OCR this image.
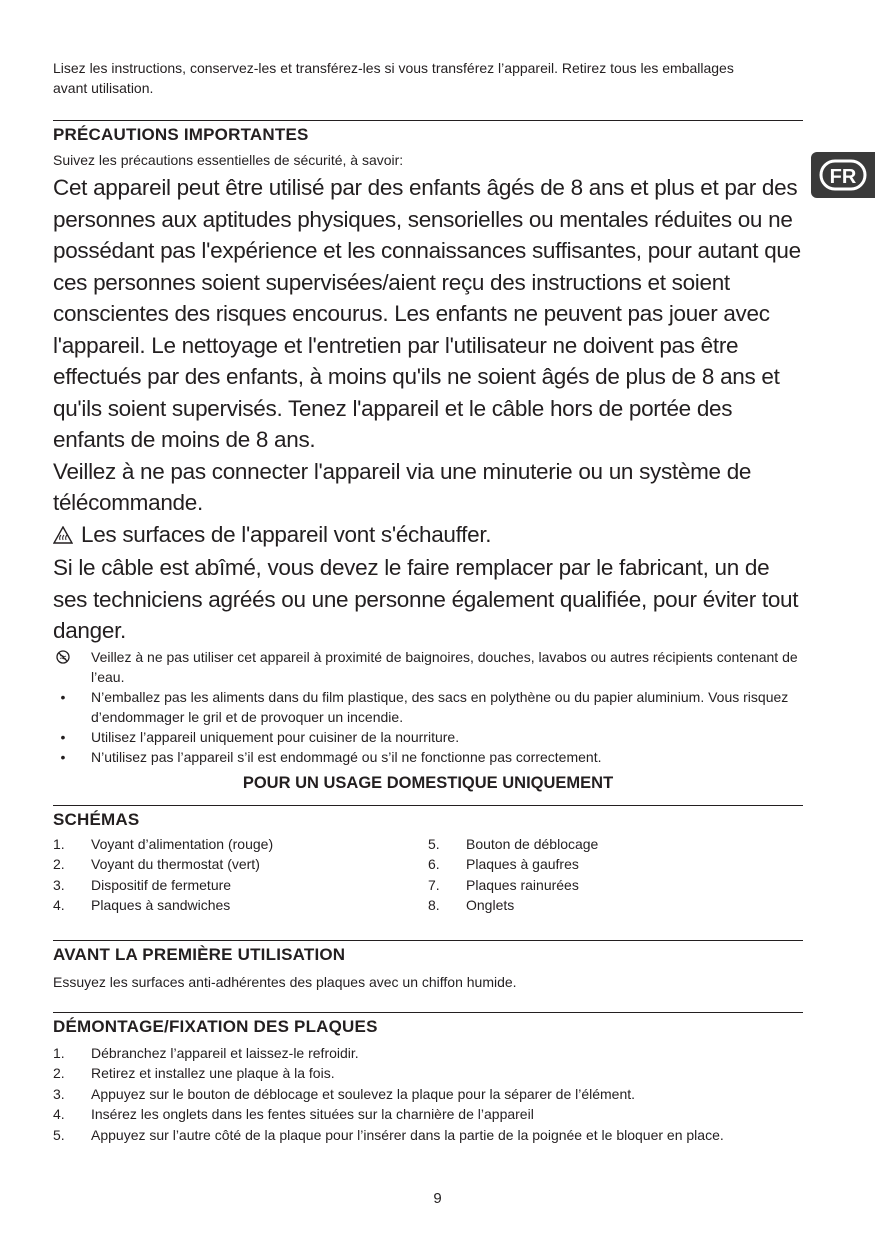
FR

Lisez les instructions, conservez-les et transférez-les si vous transférez l’appareil. Retirez tous les emballages avant utilisation.

PRÉCAUTIONS IMPORTANTES

Suivez les précautions essentielles de sécurité, à savoir:

Cet appareil peut être utilisé par des enfants âgés de 8 ans et plus et par des personnes aux aptitudes physiques, sensorielles ou mentales réduites ou ne possédant pas l'expérience et les connaissances suffisantes, pour autant que ces personnes soient supervisées/aient reçu des instructions et soient conscientes des risques encourus. Les enfants ne peuvent pas jouer avec l'appareil. Le nettoyage et l'entretien par l'utilisateur ne doivent pas être effectués par des enfants, à moins qu'ils ne soient âgés de plus de 8 ans et qu'ils soient supervisés. Tenez l'appareil et le câble hors de portée des enfants de moins de 8 ans.

Veillez à ne pas connecter l'appareil via une minuterie ou un système de télécommande.

Les surfaces de l'appareil vont s'échauffer.

Si le câble est abîmé, vous devez le faire remplacer par le fabricant, un de ses techniciens agréés ou une personne également qualifiée, pour éviter tout danger.

Veillez à ne pas utiliser cet appareil à proximité de baignoires, douches, lavabos ou autres récipients contenant de l’eau.
•	N’emballez pas les aliments dans du film plastique, des sacs en polythène ou du papier aluminium. Vous risquez d’endommager le gril et de provoquer un incendie.
•	Utilisez l’appareil uniquement pour cuisiner de la nourriture.
•	N’utilisez pas l’appareil s’il est endommagé ou s’il ne fonctionne pas correctement.

POUR UN USAGE DOMESTIQUE UNIQUEMENT

SCHÉMAS
1. Voyant d’alimentation (rouge)
2. Voyant du thermostat (vert)
3. Dispositif de fermeture
4. Plaques à sandwiches
5. Bouton de déblocage
6. Plaques à gaufres
7. Plaques rainurées
8. Onglets
AVANT LA PREMIÈRE UTILISATION

Essuyez les surfaces anti-adhérentes des plaques avec un chiffon humide.

DÉMONTAGE/FIXATION DES PLAQUES
1. Débranchez l’appareil et laissez-le refroidir.
2. Retirez et installez une plaque à la fois.
3. Appuyez sur le bouton de déblocage et soulevez la plaque pour la séparer de l’élément.
4. Insérez les onglets dans les fentes situées sur la charnière de l’appareil
5. Appuyez sur l’autre côté de la plaque pour l’insérer dans la partie de la poignée et le bloquer en place.
9
